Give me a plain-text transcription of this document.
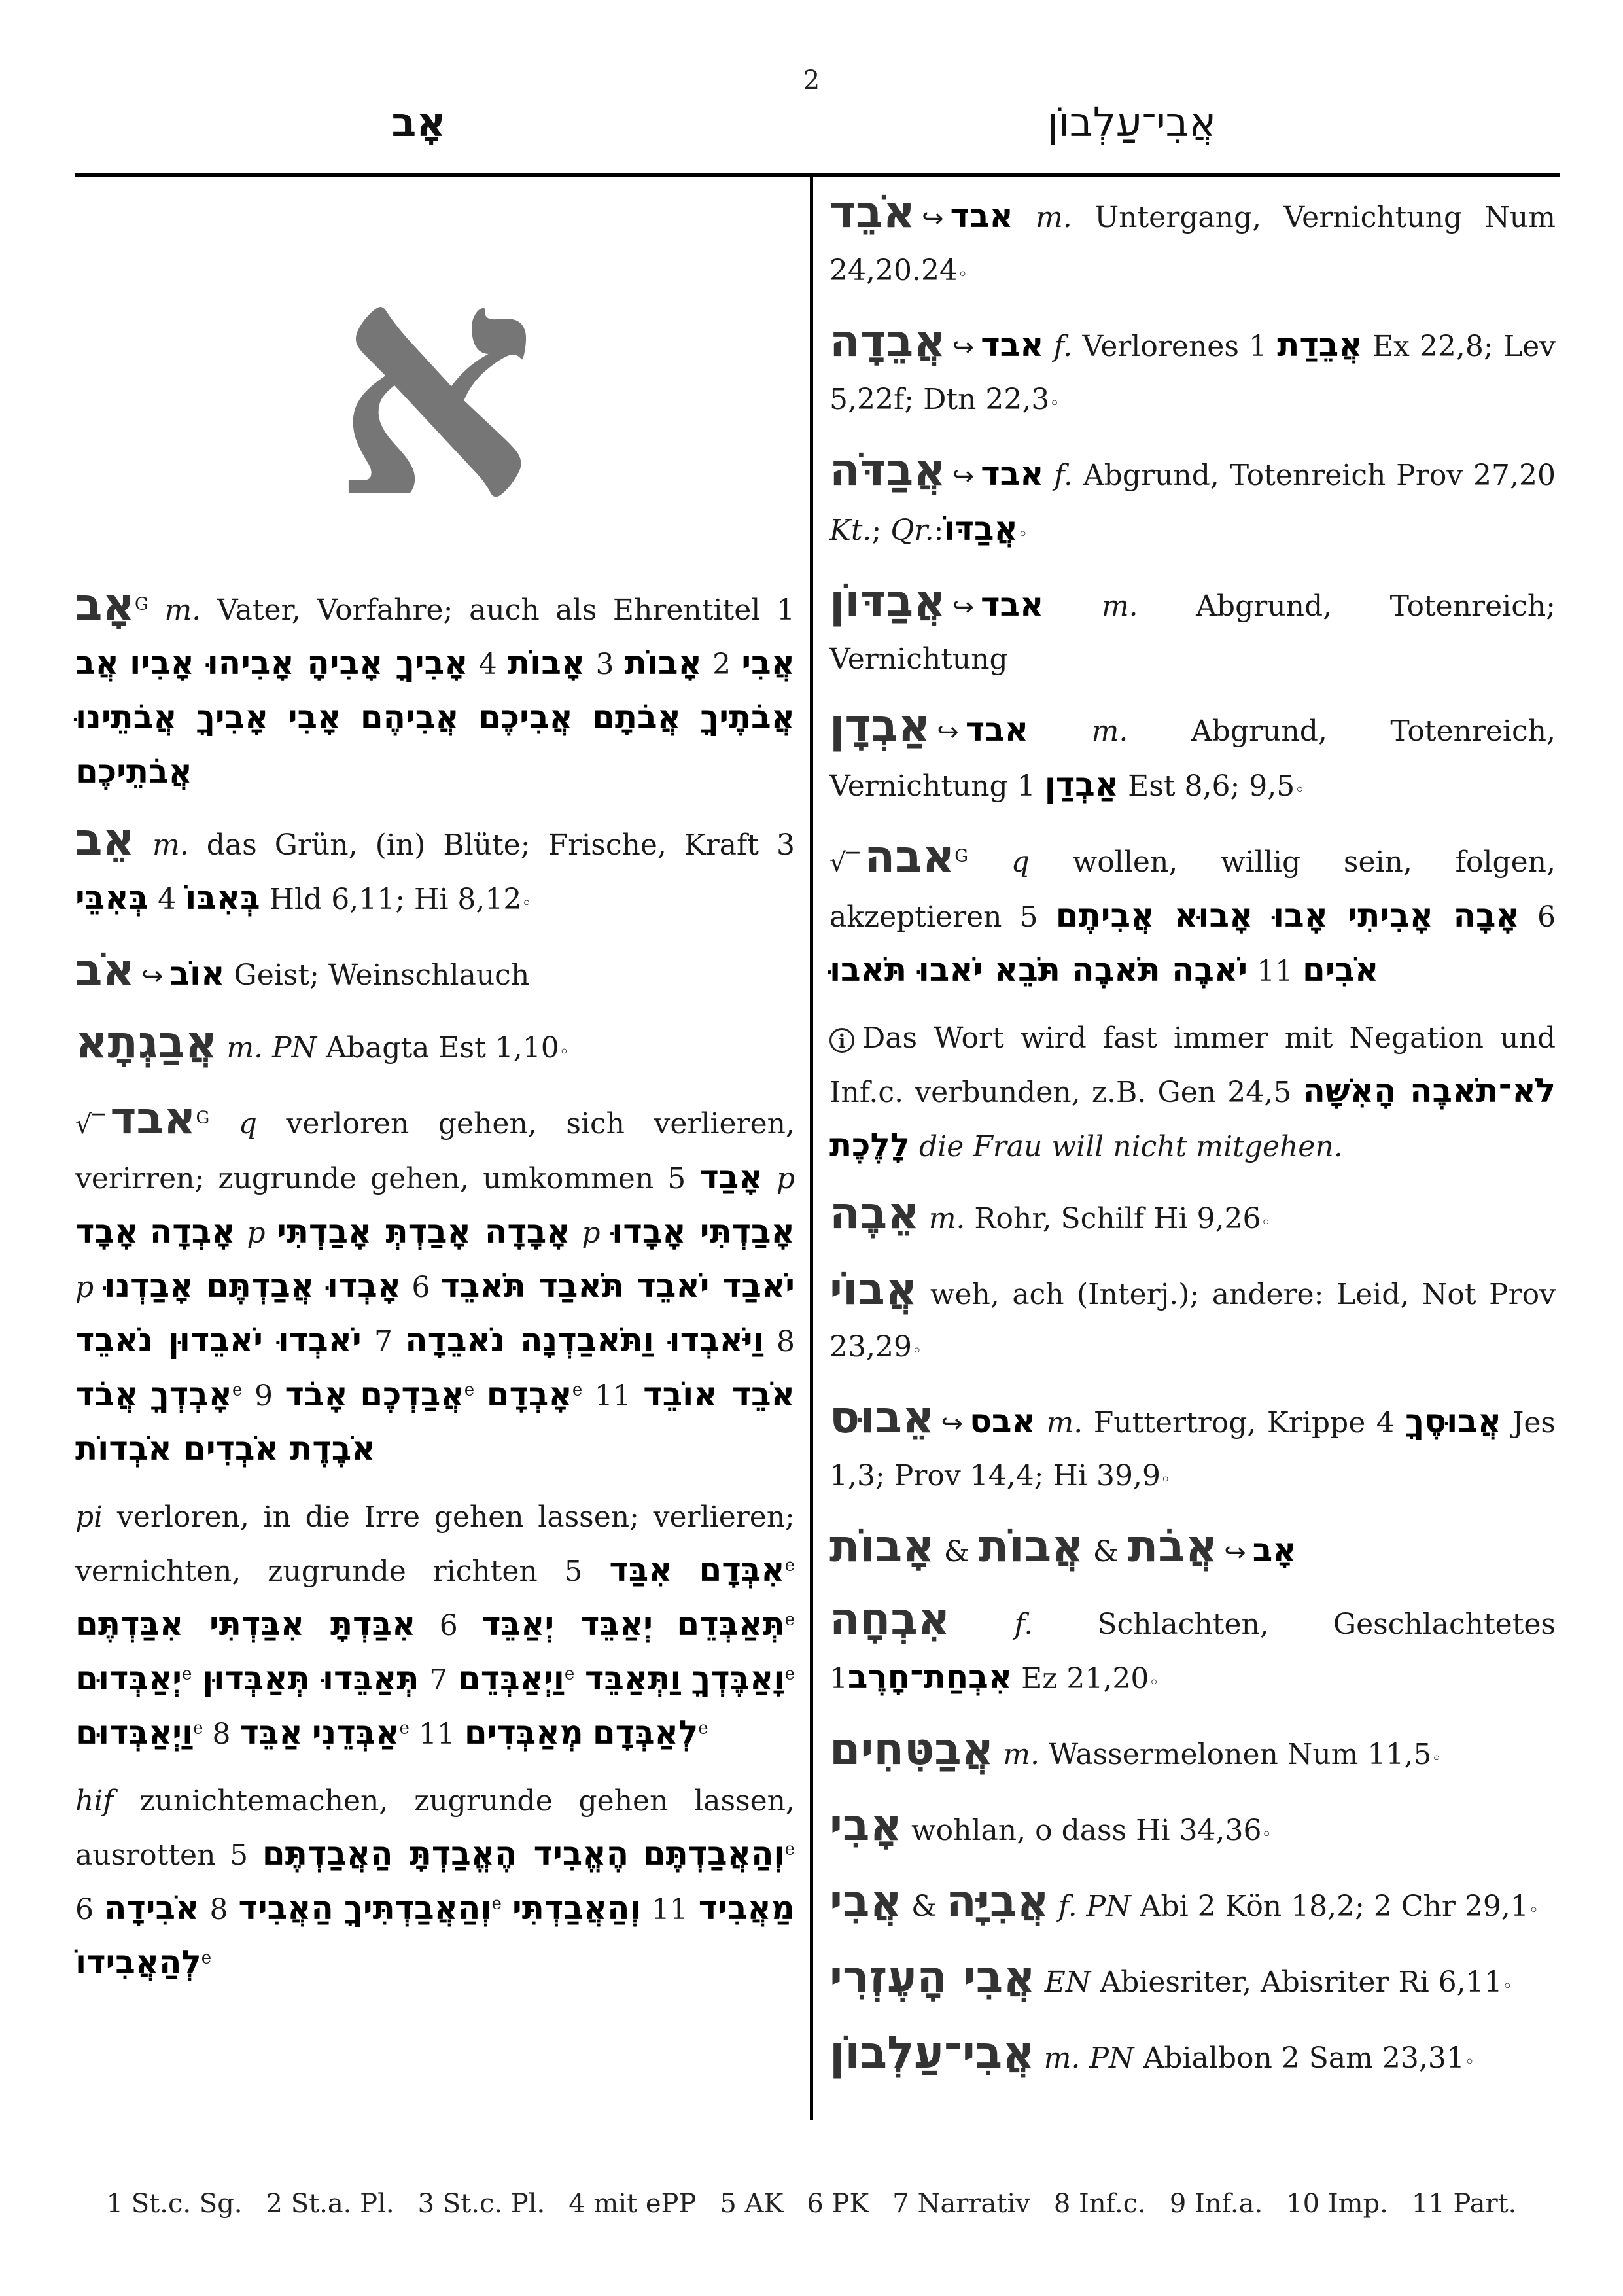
2
אָב	אֲבִי־עַלְבוֹן
א
אָב$^G$ m. Vater, Vorfahre; auch als Ehrentitel 1 אֲב אָבִיךָ אָבִיהָ אָבִיהוּ אָבִיו 4 אָבוֹת 3 אָבוֹת 2 אֲבִי אֲבֹתֶיךָ אֲבֹתָם אֲבִיכֶם אֲבִיהֶם אָבִי אָבִיךָ אֲבֹתֵינוּ אֲבֹתֵיכֶם
אֵב m. das Grün, (in) Blüte; Frische, Kraft 3 בְּאִבֵּי 4 בְּאִבּוֹ Hld 6,11; Hi 8,12◦
אֹב ↪ אוֹב Geist; Weinschlauch
אֲבַגְתָא m. PN Abagta Est 1,10◦
√‾ אבד$^G$ q verloren gehen, sich verlieren, verirren; zugrunde gehen, umkommen 5 אָבַד p אָבָד אָבְדָה p אָבָדָה אָבַדְתְּ אָבַדְתִּי p אָבַדְתִּי אָבָדוּ p אָבְדוּ אֲבַדְתֶּם אָבַדְנוּ 6 יֹאבַד יֹאבֵד תֹּאבַד תֹּאבֵד יֹאבְדוּ יֹאבֵדוּן נֹאבֵד 7 וַיֹּאבְדוּ וַתֹּאבַדְנָה נֹאבֵדָה 8 אֲבֹד אָבְדְךָ$^e$ 9 אָבֹד אֲבַדְכֶם$^e$ אָבְדָם$^e$ 11 אֹבֵד אוֹבֵד אֹבֶדֶת אֹבְדִים אֹבְדוֹת
pi verloren, in die Irre gehen lassen; verlieren; vernichten, zugrunde richten 5 אִבַּד אִבְּדָם$^e$ אִבַּדְתָּ אִבַּדְתִּי אִבַּדְתֶּם 6 יְאַבֵּד יְאַבֵּד תְּאַבְּדֵם$^e$ יְאַבְּדוּם$^e$ תְּאַבֵּדוּ תְּאַבְּדוּן 7 וַיְאַבְּדֵם$^e$ וַתְּאַבֵּד וָאַבֶּדְךָ$^e$ וַיְאַבְּדוּם$^e$ 8 אַבֵּד אַבְּדֵנִי$^e$ 11 מְאַבְּדִים לְאַבְּדָם$^e$
hif zunichtemachen, zugrunde gehen lassen, ausrotten 5 הֶאֱבִיד הֶאֱבַדְתָּ הַאֲבַדְתֶּם וְהַאֲבַדְתֶּם$^e$ 6 אֹבִידָה 8 הַאֲבִיד וְהַאֲבַדְתִּיךָ$^e$ וְהַאֲבַדְתִּי 11 מַאֲבִיד לְהַאֲבִידוֹ$^e$
אֹבֵד ↪ אבד m. Untergang, Vernichtung Num 24,20.24◦
אֲבֵדָה ↪ אבד f. Verlorenes 1 אֲבֵדַת Ex 22,8; Lev 5,22f; Dtn 22,3◦
אֲבַדֹּה ↪ אבד f. Abgrund, Totenreich Prov 27,20 Kt.; Qr.:אֲבַדּוֹ◦
אֲבַדּוֹן ↪ אבד m. Abgrund, Totenreich; Vernichtung
אַבְדָן ↪ אבד m. Abgrund, Totenreich, Vernichtung 1 אַבְדַן Est 8,6; 9,5◦
√‾ אבה$^G$ q wollen, willig sein, folgen, akzeptieren 5 אָבָה אָבִיתִי אָבוּ אָבוּא אֲבִיתֶם 6 יֹאבֶה תֹּאבֶה תֹּבֵא יֹאבוּ תֹּאבוּ 11 אֹבִים
i Das Wort wird fast immer mit Negation und Inf.c. verbunden, z.B. Gen 24,5 לֹא־תֹאבֶה הָאִשָּׁה לָלֶכֶת die Frau will nicht mitgehen.
אֵבֶה m. Rohr, Schilf Hi 9,26◦
אֲבוֹי weh, ach (Interj.); andere: Leid, Not Prov 23,29◦
אֵבוּס ↪ אבס m. Futtertrog, Krippe 4 אֲבוּסֶךָ Jes 1,3; Prov 14,4; Hi 39,9◦
אָבוֹת & אֲבוֹת & אֲבֹת ↪ אָב
אִבְחָה f. Schlachten, Geschlachtetes 1אִבְחַת־חָרֶב Ez 21,20◦
אֲבַטִּחִים m. Wassermelonen Num 11,5◦
אָבִי wohlan, o dass Hi 34,36◦
אֲבִי & אֲבִיָּה f. PN Abi 2 Kön 18,2; 2 Chr 29,1◦
אֲבִי הָעֶזְרִי EN Abiesriter, Abisriter Ri 6,11◦
אֲבִי־עַלְבוֹן m. PN Abialbon 2 Sam 23,31◦
1 St.c. Sg. 2 St.a. Pl. 3 St.c. Pl. 4 mit ePP 5 AK 6 PK 7 Narrativ 8 Inf.c. 9 Inf.a. 10 Imp. 11 Part.
